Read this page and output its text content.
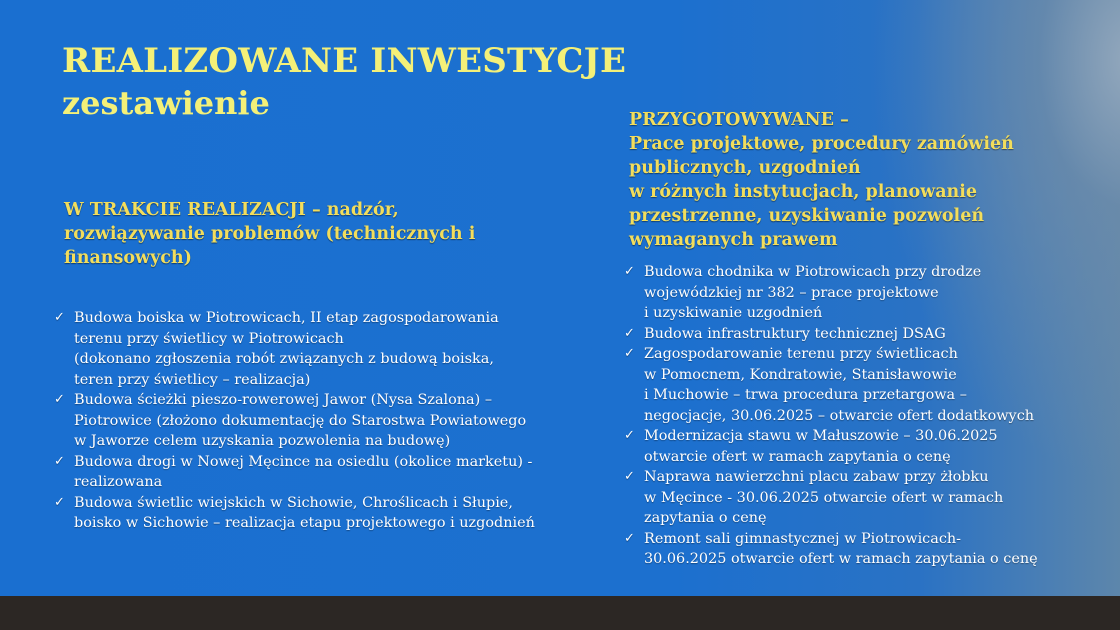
REALIZOWANE INWESTYCJE
zestawienie
W TRAKCIE REALIZACJI – nadzór, rozwiązywanie problemów (technicznych i finansowych)
✓ Budowa boiska w Piotrowicach, II etap zagospodarowania
terenu przy świetlicy w Piotrowicach
(dokonano zgłoszenia robót związanych z budową boiska,
teren przy świetlicy – realizacja)
✓ Budowa ścieżki pieszo-rowerowej Jawor (Nysa Szalona) –
Piotrowice (złożono dokumentację do Starostwa Powiatowego
w Jaworze celem uzyskania pozwolenia na budowę)
✓ Budowa drogi w Nowej Męcince na osiedlu (okolice marketu) -
realizowana
✓ Budowa świetlic wiejskich w Sichowie, Chroślicach i Słupie,
boisko w Sichowie – realizacja etapu projektowego i uzgodnień
PRZYGOTOWYWANE –
Prace projektowe, procedury zamówień publicznych, uzgodnień
w różnych instytucjach, planowanie przestrzenne, uzyskiwanie pozwoleń wymaganych prawem
✓ Budowa chodnika w Piotrowicach przy drodze
wojewódzkiej nr 382 – prace projektowe
i uzyskiwanie uzgodnień
✓ Budowa infrastruktury technicznej DSAG
✓ Zagospodarowanie terenu przy świetlicach
w Pomocnem, Kondratowie, Stanisławowie
i Muchowie – trwa procedura przetargowa –
negocjacje, 30.06.2025 – otwarcie ofert dodatkowych
✓ Modernizacja stawu w Małuszowie – 30.06.2025
otwarcie ofert w ramach zapytania o cenę
✓ Naprawa nawierzchni placu zabaw przy żłobku
w Męcince - 30.06.2025 otwarcie ofert w ramach
zapytania o cenę
✓ Remont sali gimnastycznej w Piotrowicach-
30.06.2025 otwarcie ofert w ramach zapytania o cenę
